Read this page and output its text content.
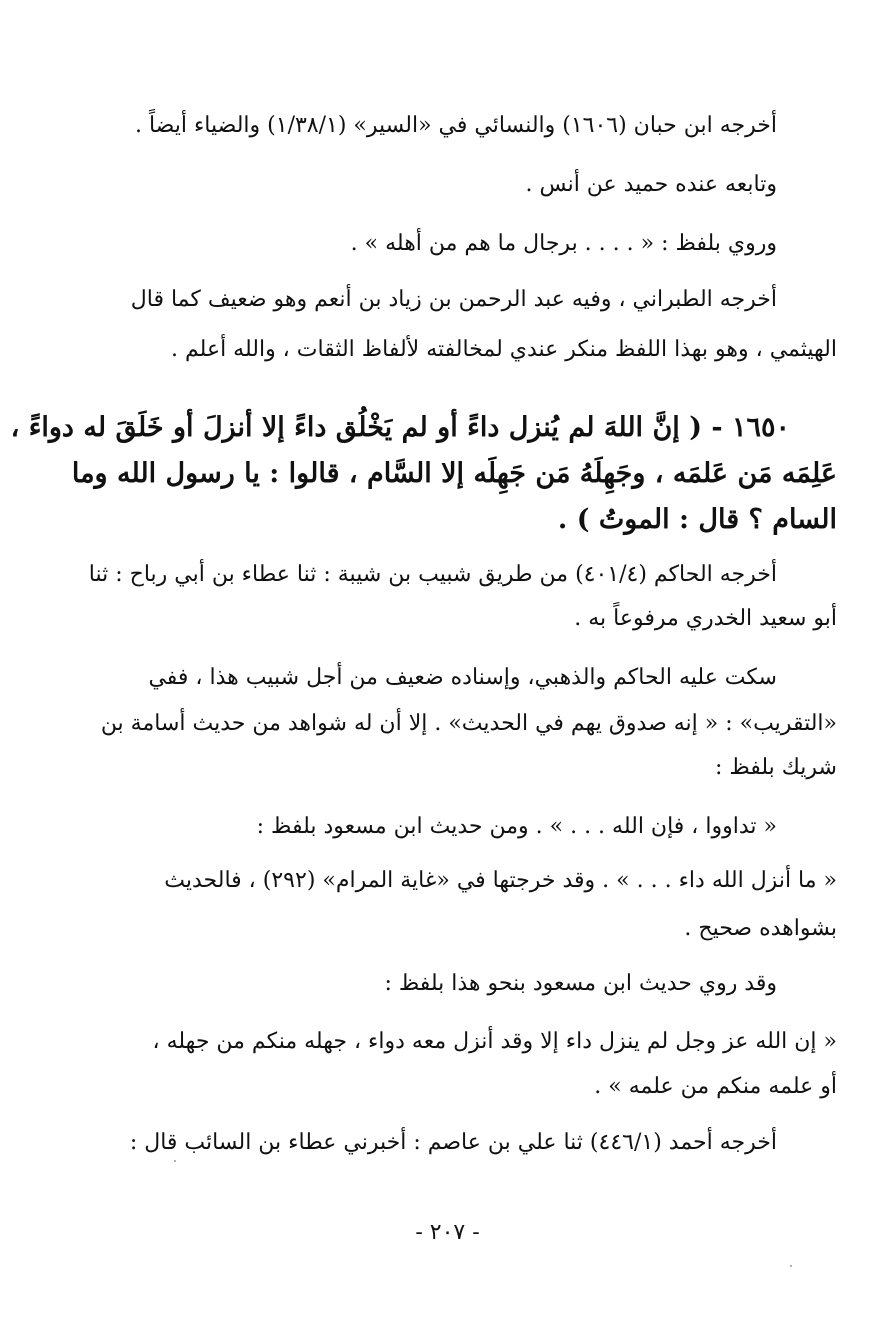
أخرجه ابن حبان (١٦٠٦) والنسائي في «السير» (١/٣٨/١) والضياء أيضاً .
وتابعه عنده حميد عن أنس .
وروي بلفظ : « . . . . برجال ما هم من أهله » .
أخرجه الطبراني ، وفيه عبد الرحمن بن زياد بن أنعم وهو ضعيف كما قال
الهيثمي ، وهو بهذا اللفظ منكر عندي لمخالفته لألفاظ الثقات ، والله أعلم .
١٦٥٠ - ( إنَّ اللهَ لم يُنزل داءً أو لم يَخْلُق داءً إلا أنزلَ أو خَلَقَ له دواءً ،
عَلِمَه مَن عَلمَه ، وجَهِلَهُ مَن جَهِلَه إلا السَّام ، قالوا : يا رسول الله وما
السام ؟ قال : الموتُ ) .
أخرجه الحاكم (٤٠١/٤) من طريق شبيب بن شيبة : ثنا عطاء بن أبي رباح : ثنا
أبو سعيد الخدري مرفوعاً به .
سكت عليه الحاكم والذهبي، وإسناده ضعيف من أجل شبيب هذا ، ففي
«التقريب» : « إنه صدوق يهم في الحديث» . إلا أن له شواهد من حديث أسامة بن
شريك بلفظ :
« تداووا ، فإن الله . . . » . ومن حديث ابن مسعود بلفظ :
« ما أنزل الله داء . . . » . وقد خرجتها في «غاية المرام» (٢٩٢) ، فالحديث
بشواهده صحيح .
وقد روي حديث ابن مسعود بنحو هذا بلفظ :
« إن الله عز وجل لم ينزل داء إلا وقد أنزل معه دواء ، جهله منكم من جهله ،
أو علمه منكم من علمه » .
أخرجه أحمد (٤٤٦/١) ثنا علي بن عاصم : أخبرني عطاء بن السائب قال :
- ٢٠٧ -
